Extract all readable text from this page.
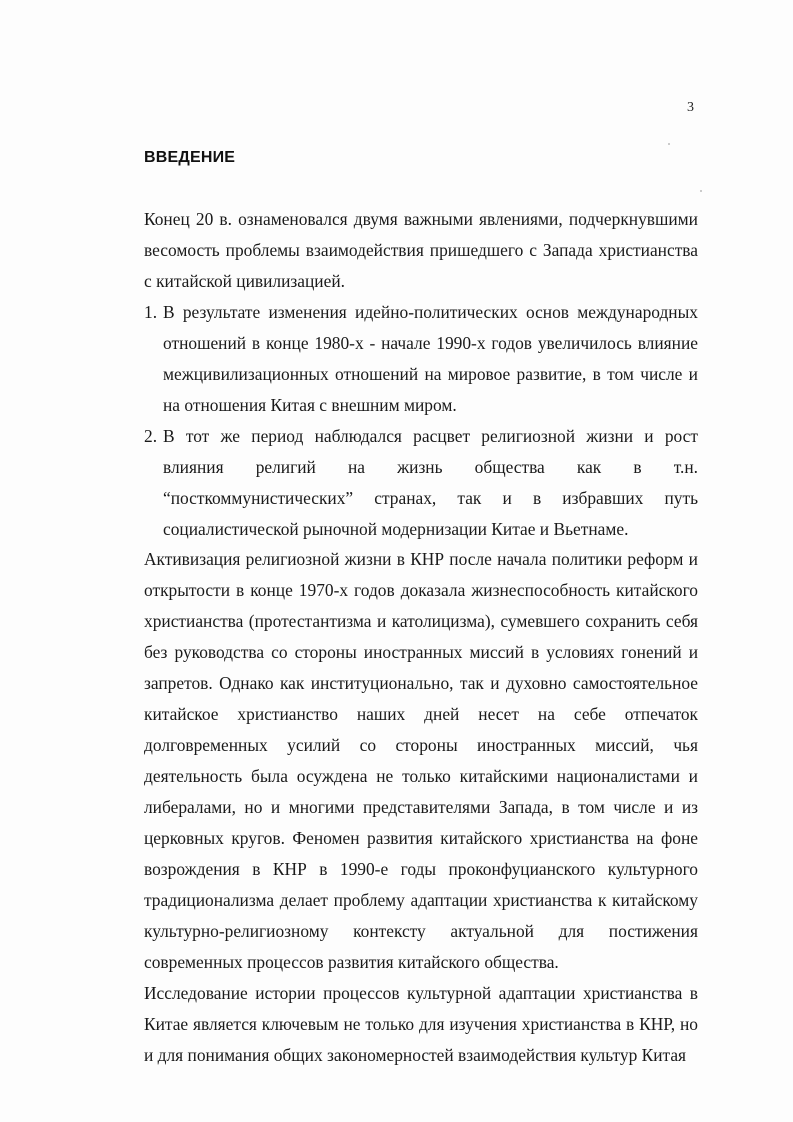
3
ВВЕДЕНИЕ

Конец 20 в. ознаменовался двумя важными явлениями, подчеркнувшими весомость проблемы взаимодействия пришедшего с Запада христианства с китайской цивилизацией.

1. В результате изменения идейно-политических основ международных отношений в конце 1980-х - начале 1990-х годов увеличилось влияние межцивилизационных отношений на мировое развитие, в том числе и на отношения Китая с внешним миром.
2. В тот же период наблюдался расцвет религиозной жизни и рост влияния религий на жизнь общества как в т.н. “посткоммунистических” странах, так и в избравших путь социалистической рыночной модернизации Китае и Вьетнаме.

Активизация религиозной жизни в КНР после начала политики реформ и открытости в конце 1970-х годов доказала жизнеспособность китайского христианства (протестантизма и католицизма), сумевшего сохранить себя без руководства со стороны иностранных миссий в условиях гонений и запретов. Однако как институционально, так и духовно самостоятельное китайское христианство наших дней несет на себе отпечаток долговременных усилий со стороны иностранных миссий, чья деятельность была осуждена не только китайскими националистами и либералами, но и многими представителями Запада, в том числе и из церковных кругов. Феномен развития китайского христианства на фоне возрождения в КНР в 1990-е годы проконфуцианского культурного традиционализма делает проблему адаптации христианства к китайскому культурно-религиозному контексту актуальной для постижения современных процессов развития китайского общества.

Исследование истории процессов культурной адаптации христианства в Китае является ключевым не только для изучения христианства в КНР, но и для понимания общих закономерностей взаимодействия культур Китая
